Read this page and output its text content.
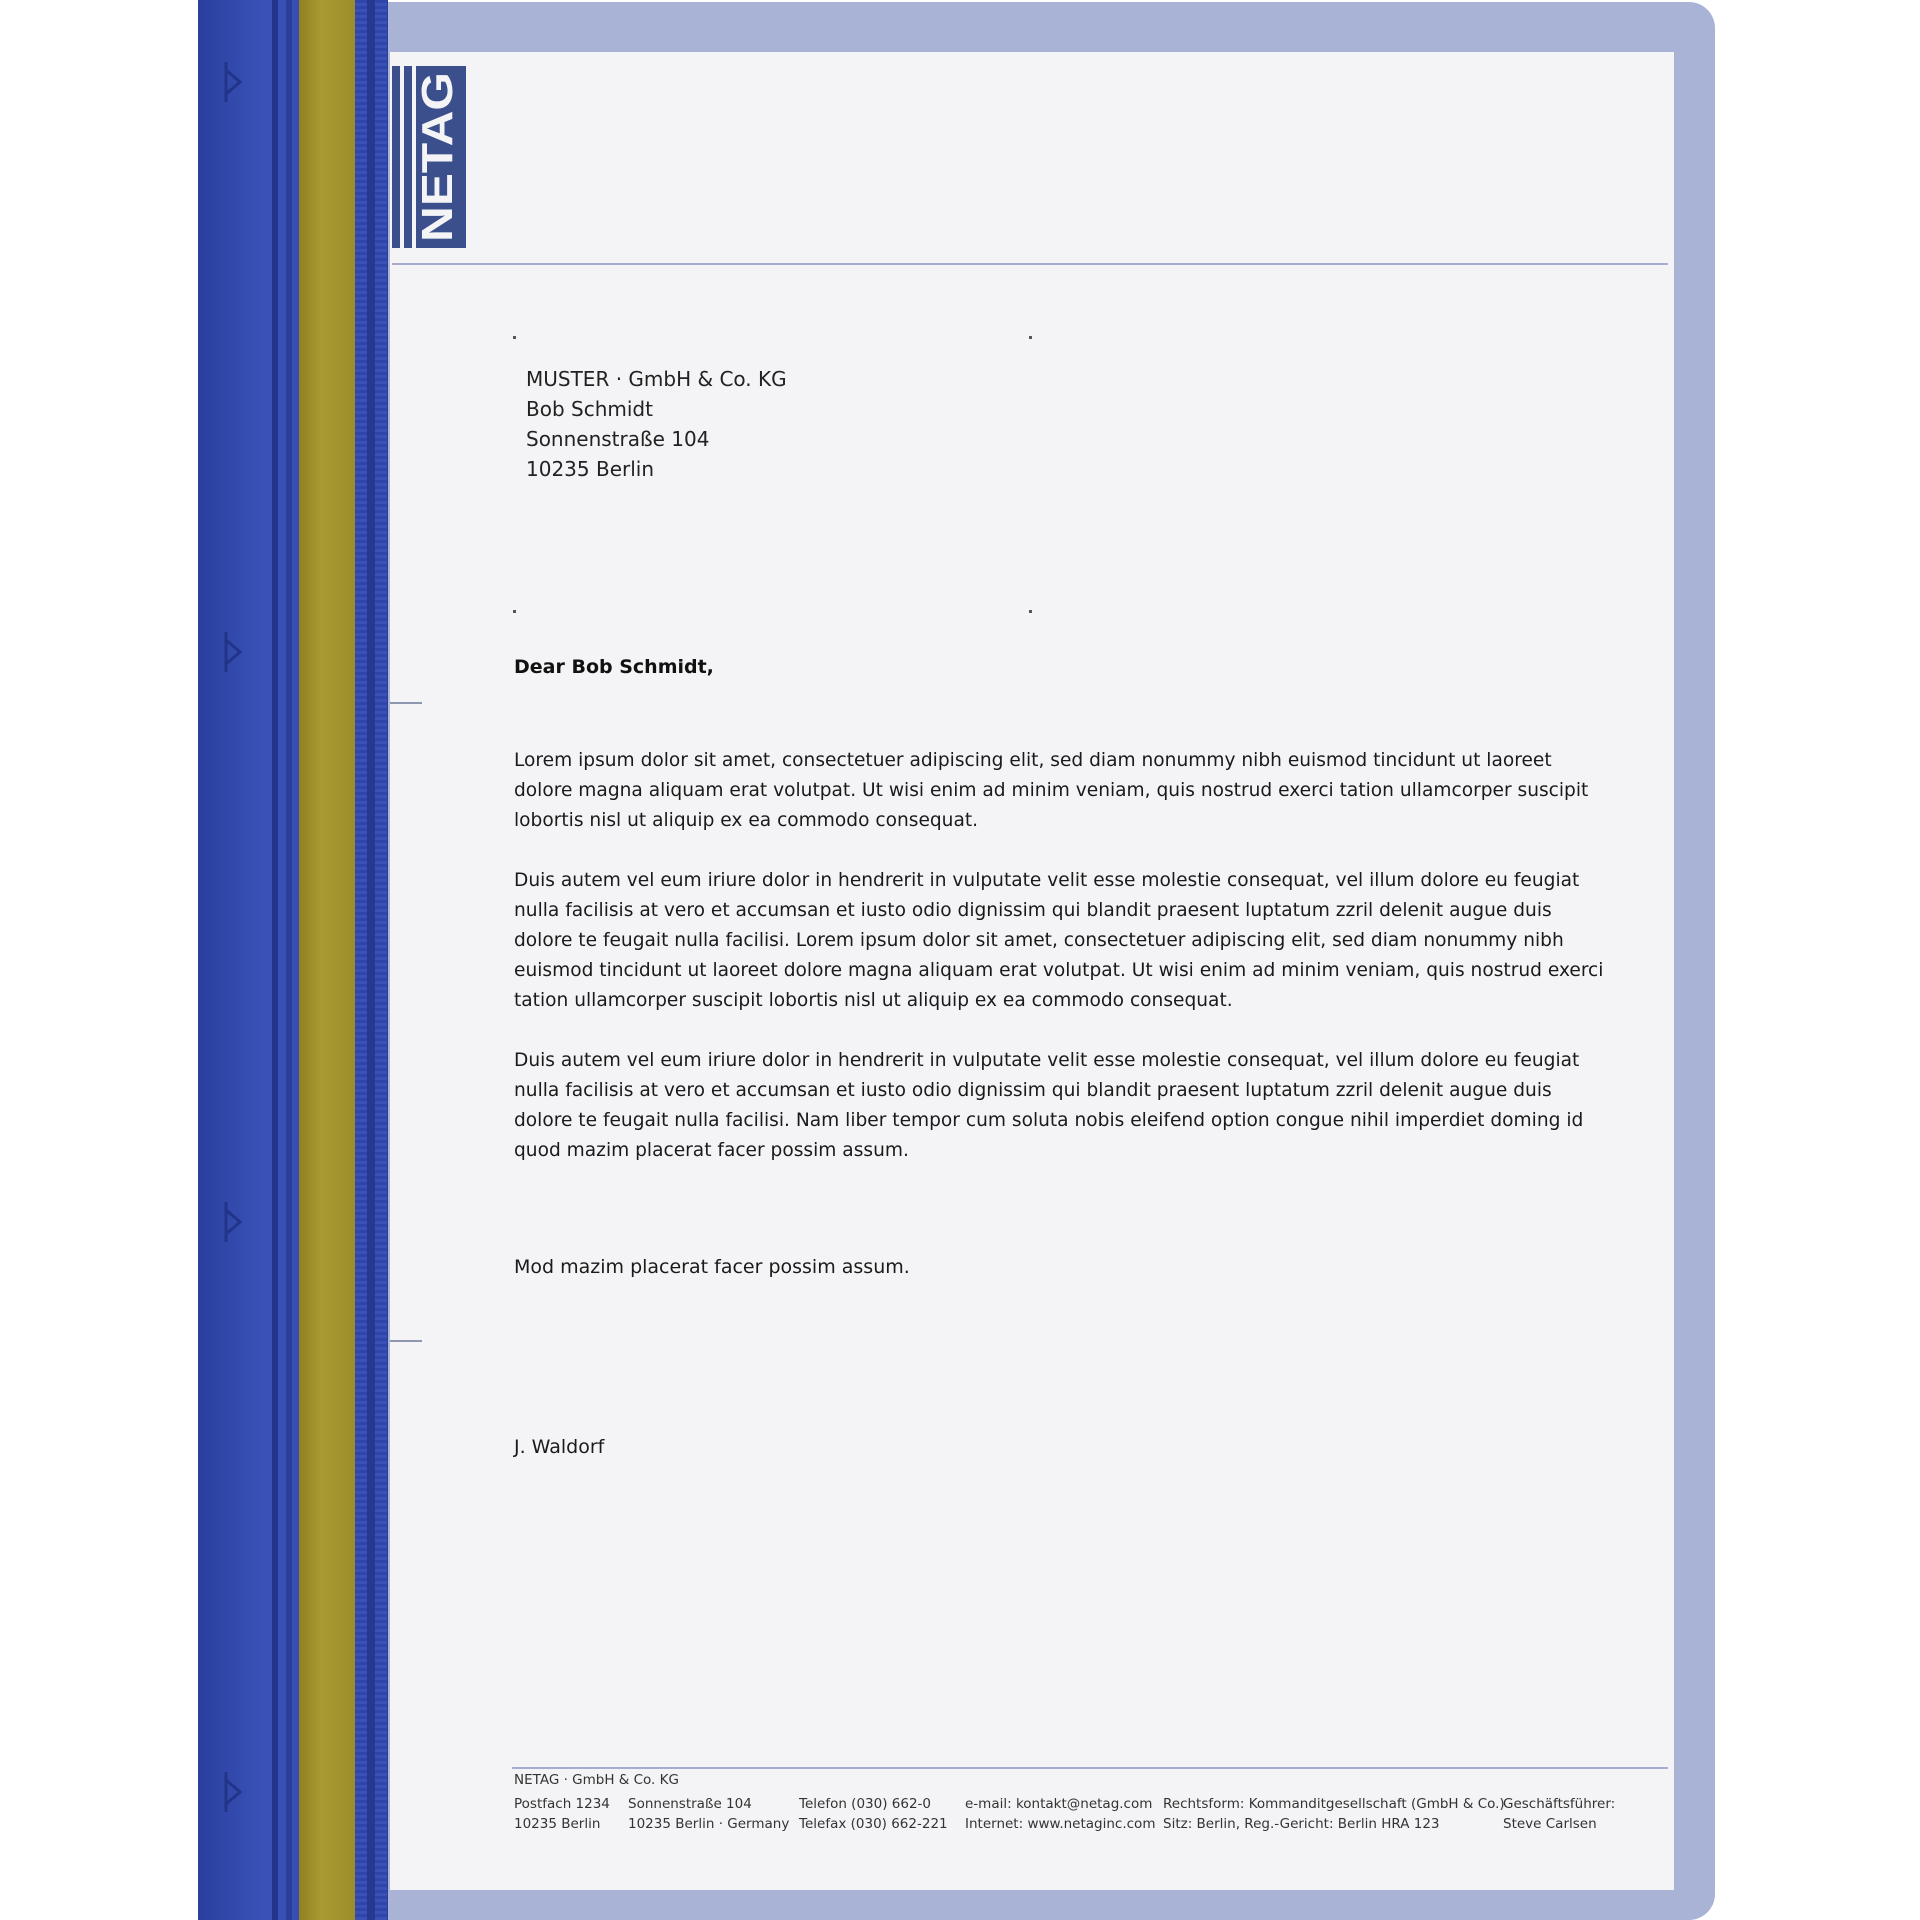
NETAG
MUSTER · GmbH & Co. KG
Bob Schmidt
Sonnenstraße 104
10235 Berlin
Dear Bob Schmidt,

Lorem ipsum dolor sit amet, consectetuer adipiscing elit, sed diam nonummy nibh euismod tincidunt ut laoreet dolore magna aliquam erat volutpat. Ut wisi enim ad minim veniam, quis nostrud exerci tation ullamcorper suscipit lobortis nisl ut aliquip ex ea commodo consequat.

Duis autem vel eum iriure dolor in hendrerit in vulputate velit esse molestie consequat, vel illum dolore eu feugiat nulla facilisis at vero et accumsan et iusto odio dignissim qui blandit praesent luptatum zzril delenit augue duis dolore te feugait nulla facilisi. Lorem ipsum dolor sit amet, consectetuer adipiscing elit, sed diam nonummy nibh euismod tincidunt ut laoreet dolore magna aliquam erat volutpat. Ut wisi enim ad minim veniam, quis nostrud exerci tation ullamcorper suscipit lobortis nisl ut aliquip ex ea commodo consequat.

Duis autem vel eum iriure dolor in hendrerit in vulputate velit esse molestie consequat, vel illum dolore eu feugiat nulla facilisis at vero et accumsan et iusto odio dignissim qui blandit praesent luptatum zzril delenit augue duis dolore te feugait nulla facilisi. Nam liber tempor cum soluta nobis eleifend option congue nihil imperdiet doming id quod mazim placerat facer possim assum.

Mod mazim placerat facer possim assum.
J. Waldorf
NETAG · GmbH & Co. KG
Postfach 1234
10235 Berlin
Sonnenstraße 104
10235 Berlin · Germany
Telefon (030) 662-0
Telefax (030) 662-221
e-mail: kontakt@netag.com
Internet: www.netaginc.com
Rechtsform: Kommanditgesellschaft (GmbH & Co.)
Sitz: Berlin, Reg.-Gericht: Berlin HRA 123
Geschäftsführer:
Steve Carlsen
